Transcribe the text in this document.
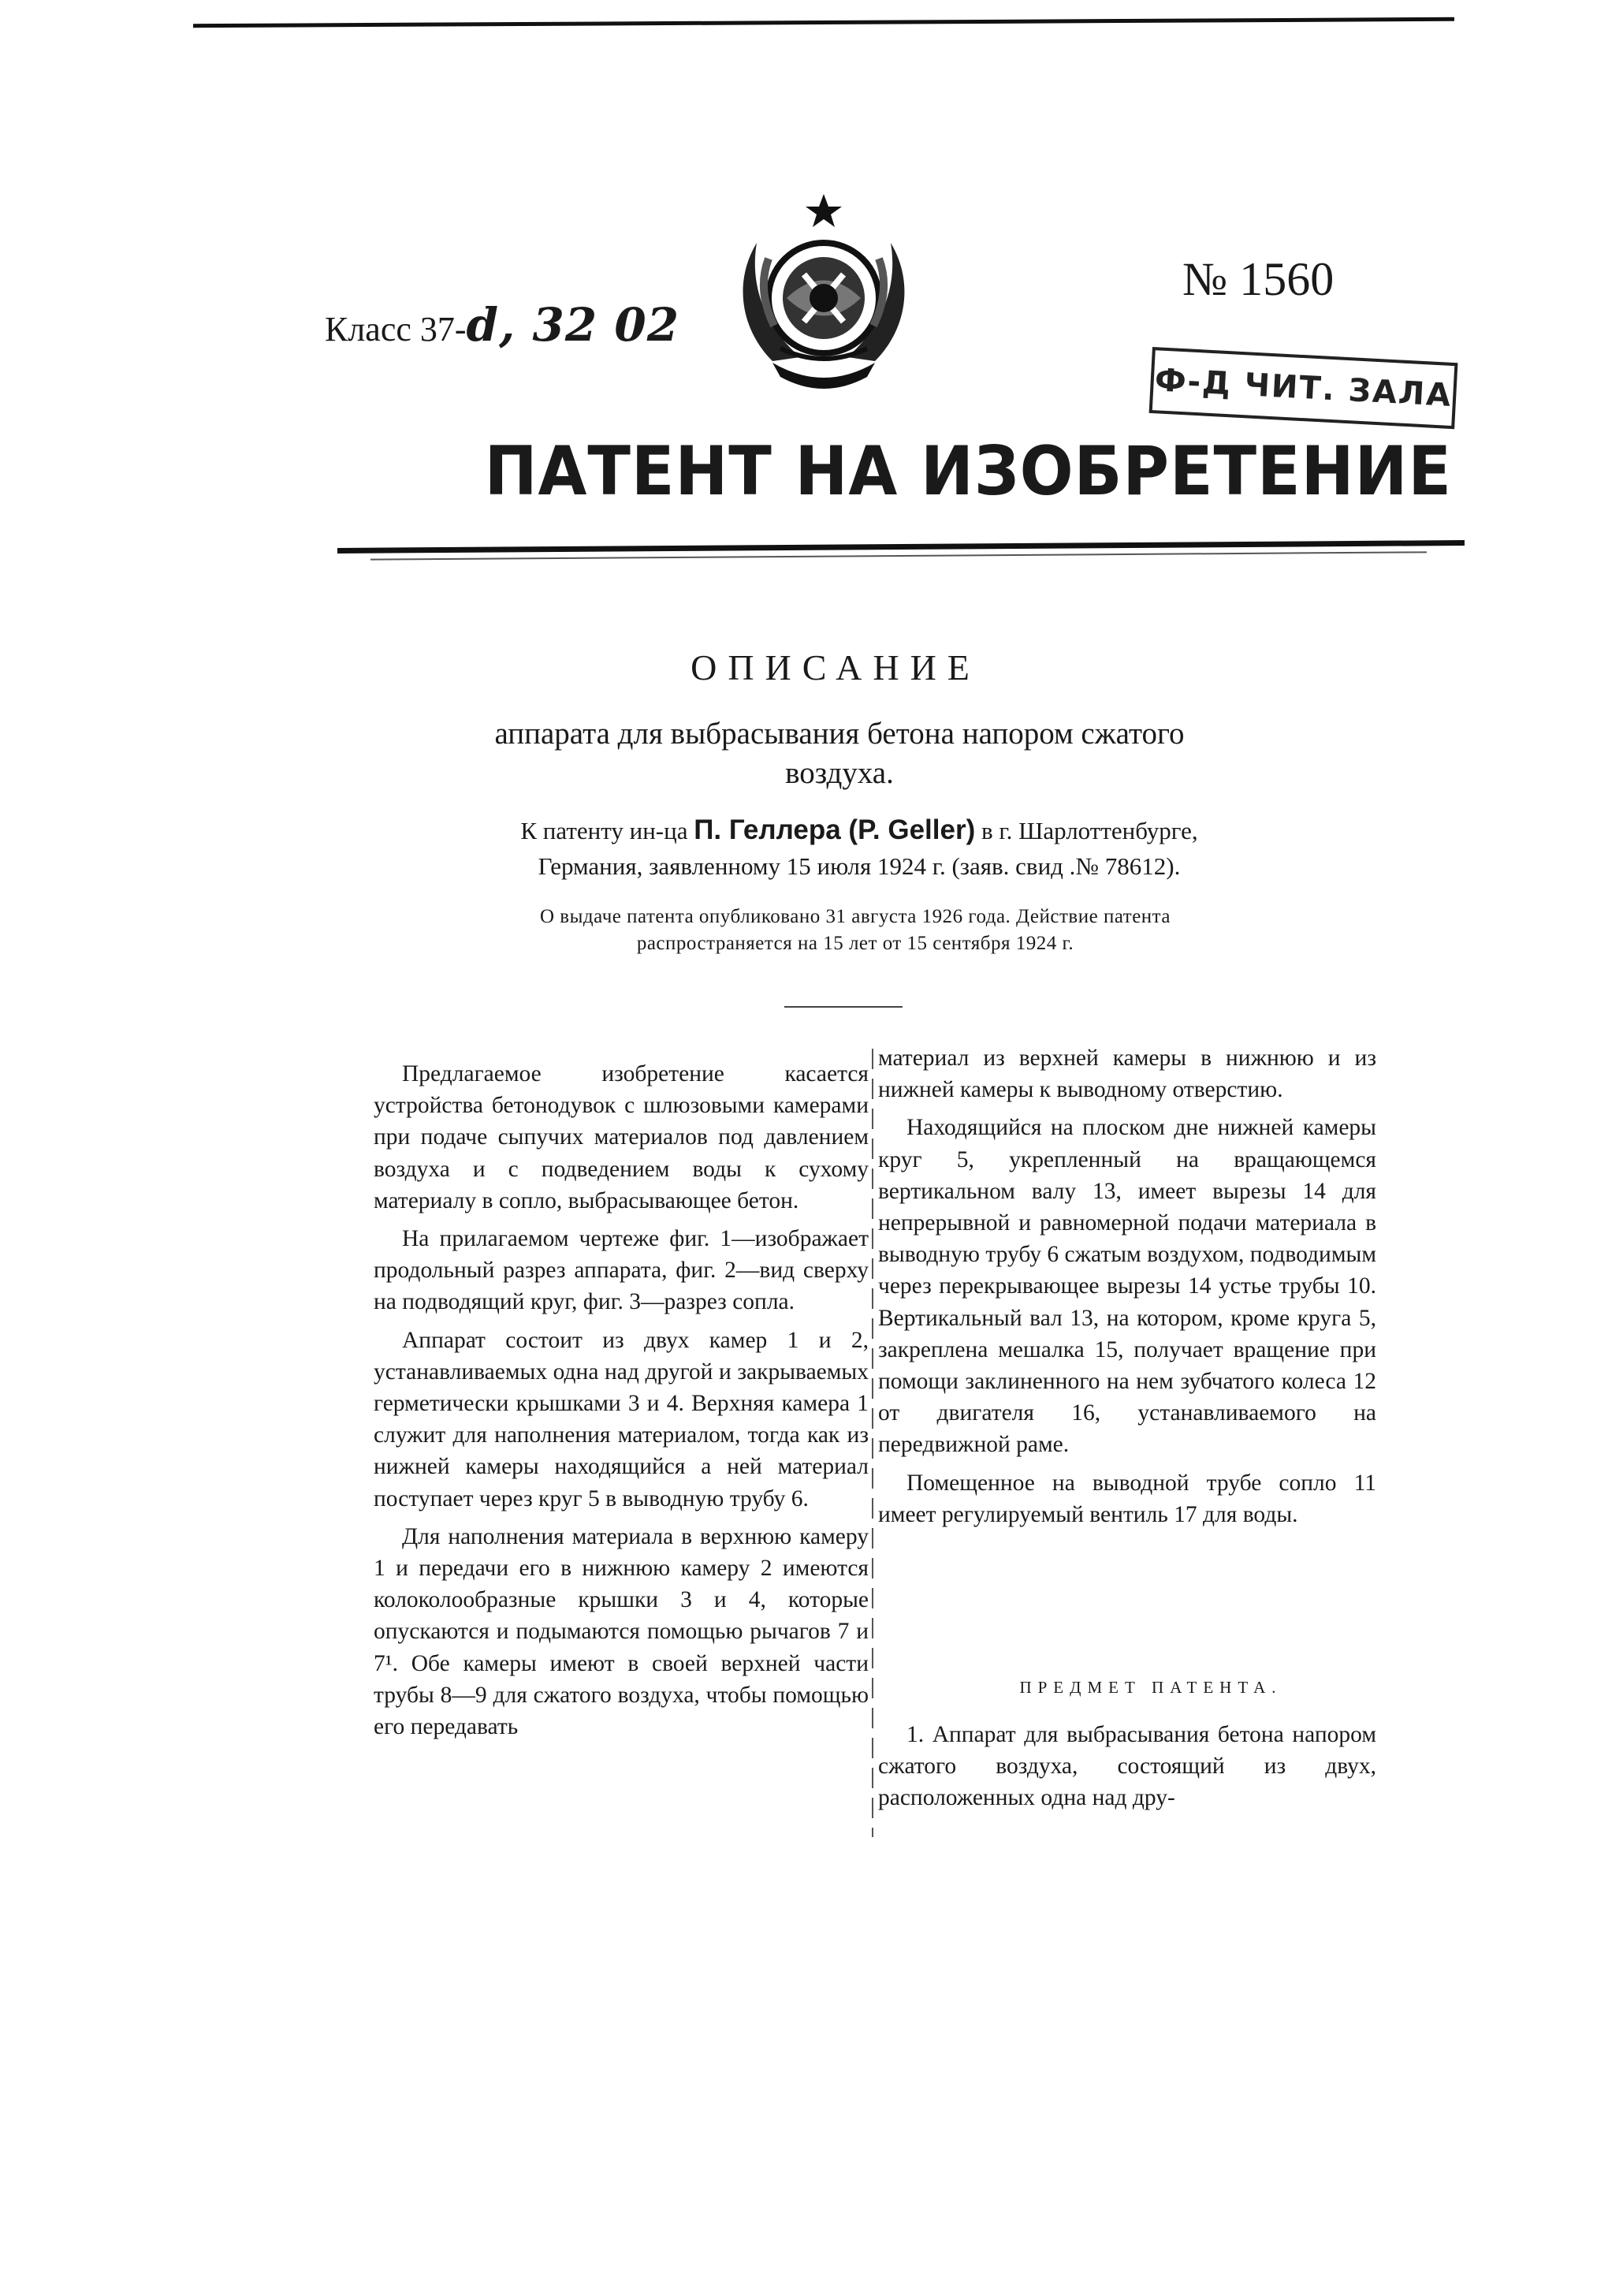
Класс 37-d, 32 02
№ 1560
Ф-Д ЧИТ. ЗАЛА
ПАТЕНТ НА ИЗОБРЕТЕНИЕ
ОПИСАНИЕ
аппарата для выбрасывания бетона напором сжатого
воздуха.
К патенту ин-ца П. Геллера (P. Geller) в г. Шарлоттенбурге,
Германия, заявленному 15 июля 1924 г. (заяв. свид .№ 78612).
О выдаче патента опубликовано 31 августа 1926 года. Действие патента
распространяется на 15 лет от 15 сентября 1924 г.

Предлагаемое изобретение касается устройства бетонодувок с шлюзовыми камерами при подаче сыпучих материалов под давлением воздуха и с подведением воды к сухому материалу в сопло, выбрасывающее бетон.

На прилагаемом чертеже фиг. 1—изображает продольный разрез аппарата, фиг. 2—вид сверху на подводящий круг, фиг. 3—разрез сопла.

Аппарат состоит из двух камер 1 и 2, устанавливаемых одна над другой и закрываемых герметически крышками 3 и 4. Верхняя камера 1 служит для наполнения материалом, тогда как из нижней камеры находящийся а ней материал поступает через круг 5 в выводную трубу 6.

Для наполнения материала в верхнюю камеру 1 и передачи его в нижнюю камеру 2 имеются колоколообразные крышки 3 и 4, которые опускаются и подымаются помощью рычагов 7 и 7¹. Обе камеры имеют в своей верхней части трубы 8—9 для сжатого воздуха, чтобы помощью его передавать

материал из верхней камеры в нижнюю и из нижней камеры к выводному отверстию.

Находящийся на плоском дне нижней камеры круг 5, укрепленный на вращающемся вертикальном валу 13, имеет вырезы 14 для непрерывной и равномерной подачи материала в выводную трубу 6 сжатым воздухом, подводимым через перекрывающее вырезы 14 устье трубы 10. Вертикальный вал 13, на котором, кроме круга 5, закреплена мешалка 15, получает вращение при помощи заклиненного на нем зубчатого колеса 12 от двигателя 16, устанавливаемого на передвижной раме.

Помещенное на выводной трубе сопло 11 имеет регулируемый вентиль 17 для воды.

ПРЕДМЕТ ПАТЕНТА.

1. Аппарат для выбрасывания бетона напором сжатого воздуха, состоящий из двух, расположенных одна над дру-
